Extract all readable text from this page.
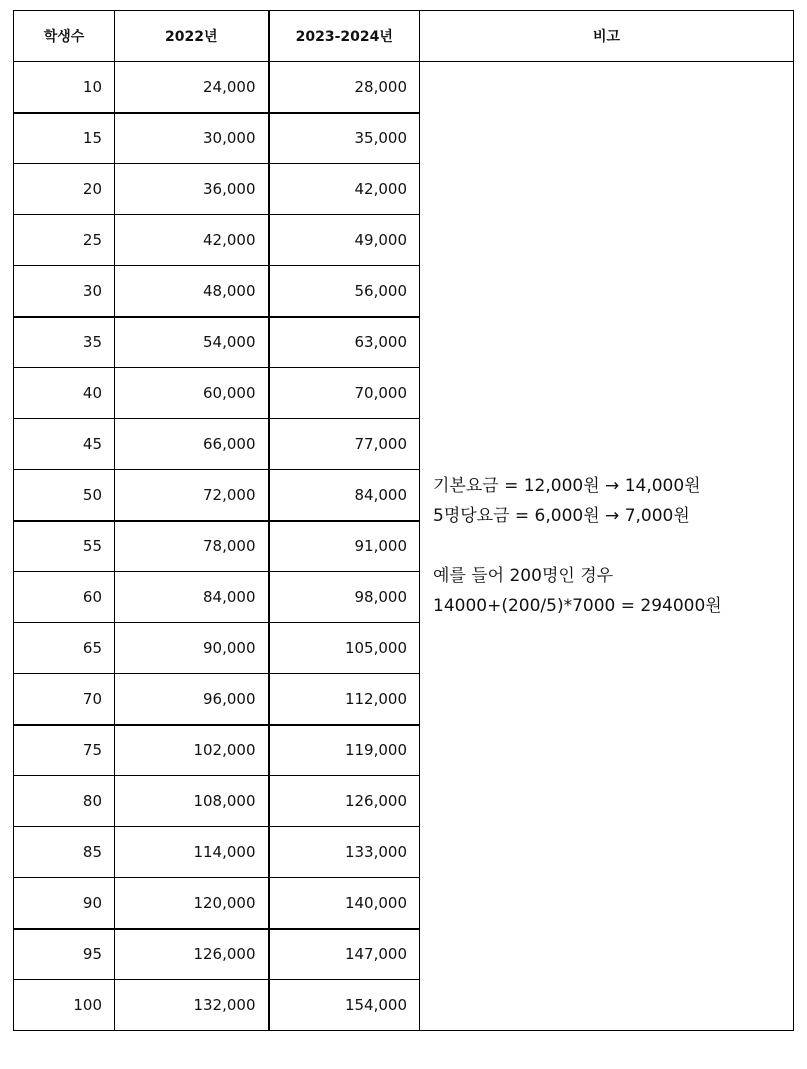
학생수	2022년	2023-2024년	비고
10	24,000	28,000	기본요금 = 12,000원 → 14,000원
5명당요금 = 6,000원 → 7,000원
예를 들어 200명인 경우
14000+(200/5)*7000 = 294000원

15	30,000	35,000	
20	36,000	42,000	
25	42,000	49,000	
30	48,000	56,000	
35	54,000	63,000	
40	60,000	70,000	
45	66,000	77,000	
50	72,000	84,000	
55	78,000	91,000	
60	84,000	98,000	
65	90,000	105,000	
70	96,000	112,000	
75	102,000	119,000	
80	108,000	126,000	
85	114,000	133,000	
90	120,000	140,000	
95	126,000	147,000	
100	132,000	154,000	
